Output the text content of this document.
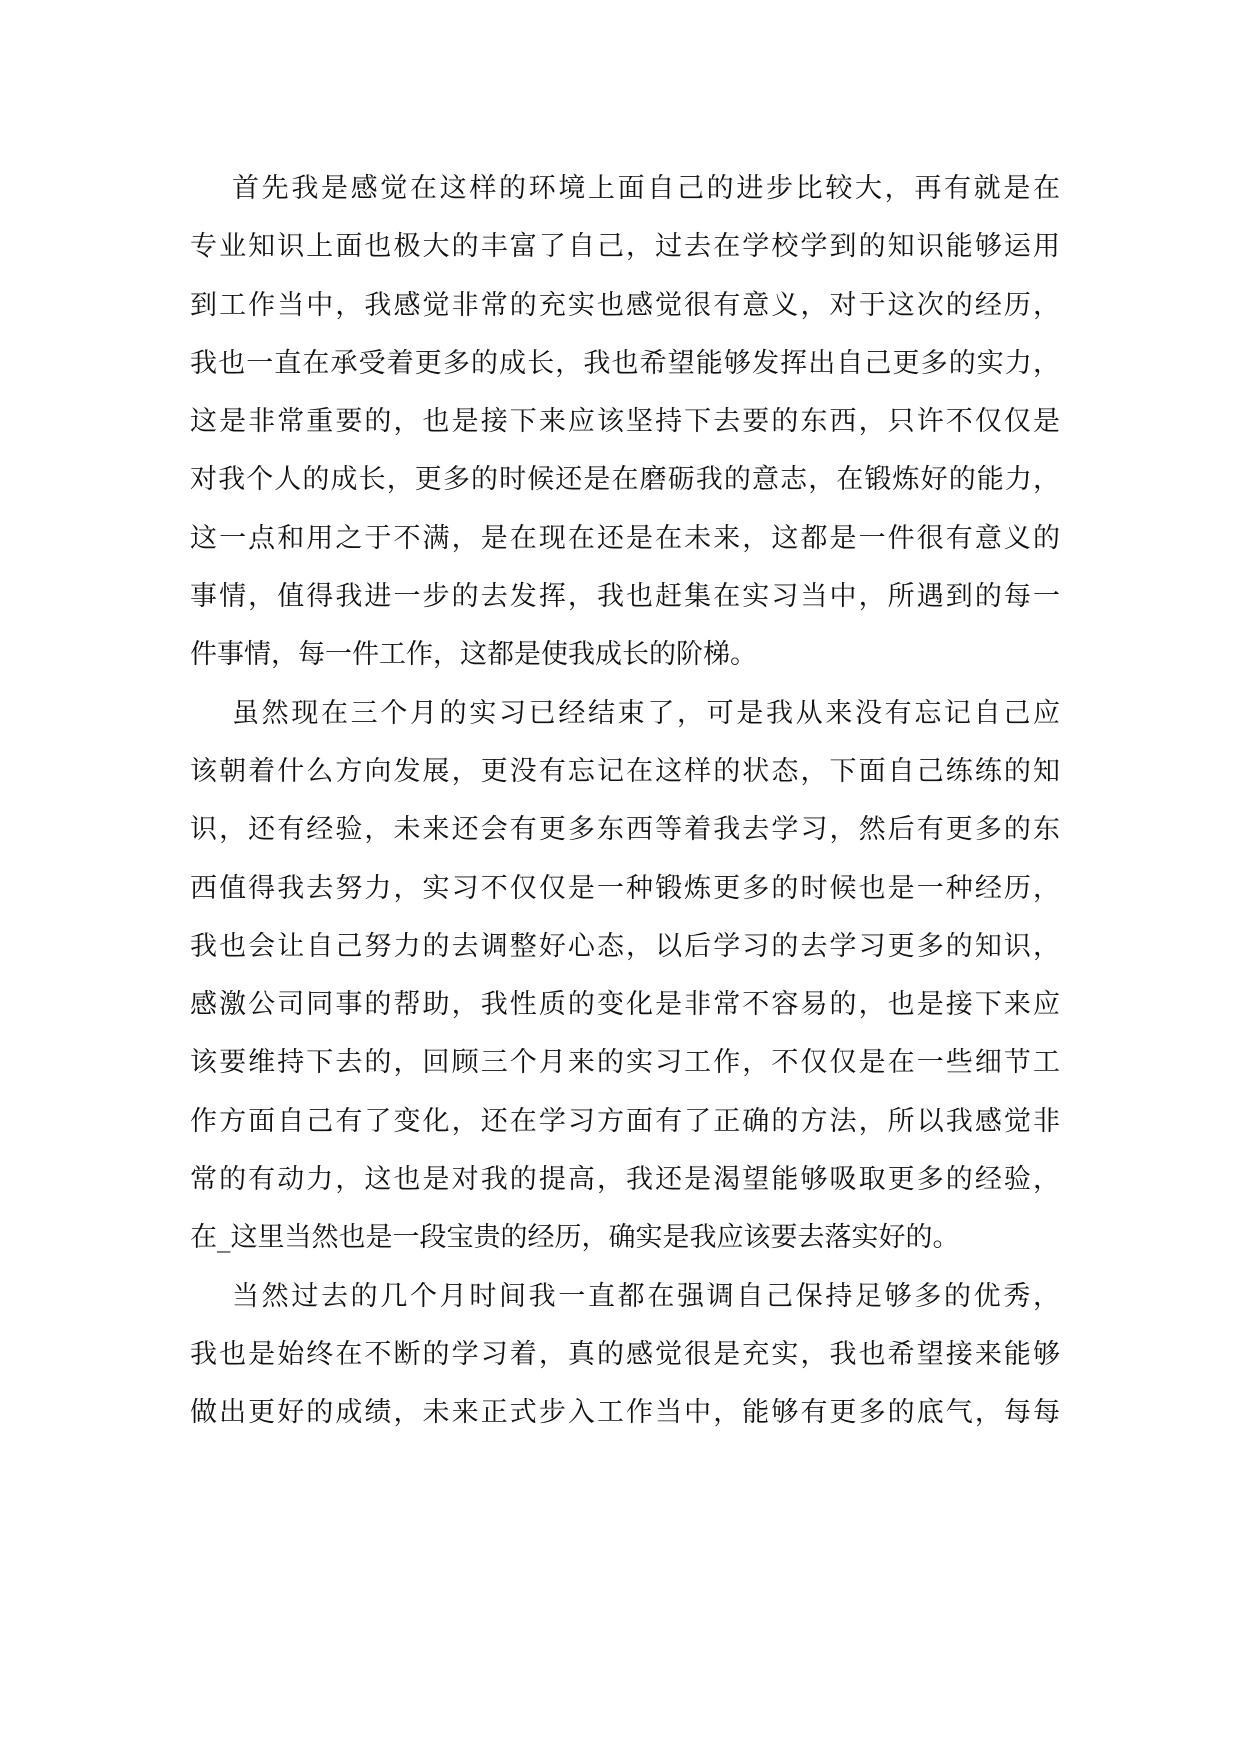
首先我是感觉在这样的环境上面自己的进步比较大，再有就是在
专业知识上面也极大的丰富了自己，过去在学校学到的知识能够运用
到工作当中，我感觉非常的充实也感觉很有意义，对于这次的经历，
我也一直在承受着更多的成长，我也希望能够发挥出自己更多的实力，
这是非常重要的，也是接下来应该坚持下去要的东西，只许不仅仅是
对我个人的成长，更多的时候还是在磨砺我的意志，在锻炼好的能力，
这一点和用之于不满，是在现在还是在未来，这都是一件很有意义的
事情，值得我进一步的去发挥，我也赶集在实习当中，所遇到的每一
件事情，每一件工作，这都是使我成长的阶梯。
虽然现在三个月的实习已经结束了，可是我从来没有忘记自己应
该朝着什么方向发展，更没有忘记在这样的状态，下面自己练练的知
识，还有经验，未来还会有更多东西等着我去学习，然后有更多的东
西值得我去努力，实习不仅仅是一种锻炼更多的时候也是一种经历，
我也会让自己努力的去调整好心态，以后学习的去学习更多的知识，
感激公司同事的帮助，我性质的变化是非常不容易的，也是接下来应
该要维持下去的，回顾三个月来的实习工作，不仅仅是在一些细节工
作方面自己有了变化，还在学习方面有了正确的方法，所以我感觉非
常的有动力，这也是对我的提高，我还是渴望能够吸取更多的经验，
在_这里当然也是一段宝贵的经历，确实是我应该要去落实好的。
当然过去的几个月时间我一直都在强调自己保持足够多的优秀，
我也是始终在不断的学习着，真的感觉很是充实，我也希望接来能够
做出更好的成绩，未来正式步入工作当中，能够有更多的底气，每每
